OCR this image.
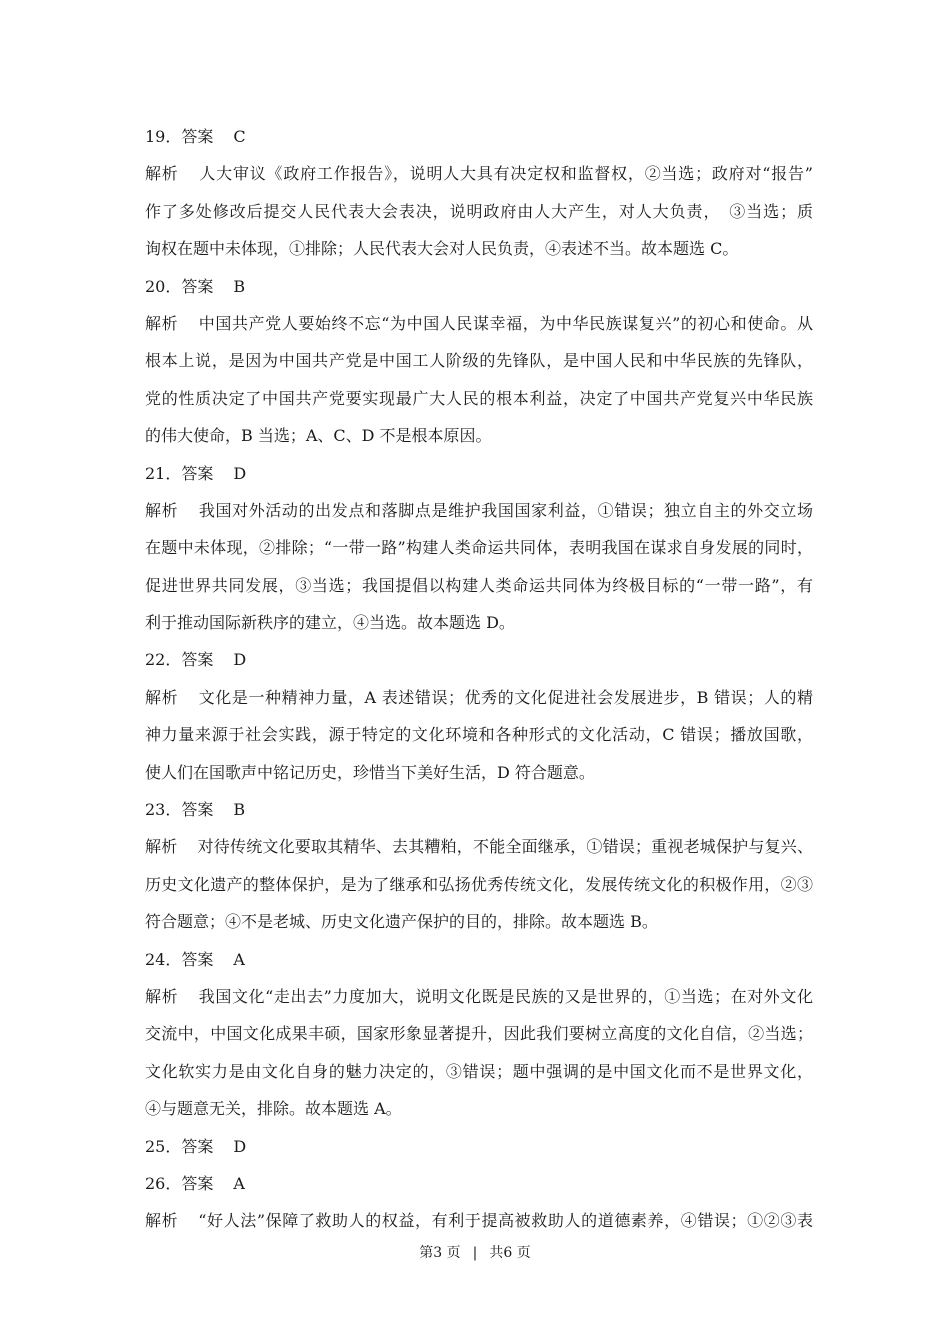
19．答案 C
解析 人大审议《政府工作报告》，说明人大具有决定权和监督权，②当选；政府对“报告”
作了多处修改后提交人民代表大会表决，说明政府由人大产生，对人大负责，　③当选；质
询权在题中未体现，①排除；人民代表大会对人民负责，④表述不当。故本题选 C。
20．答案 B
解析 中国共产党人要始终不忘“为中国人民谋幸福，为中华民族谋复兴”的初心和使命。从
根本上说，是因为中国共产党是中国工人阶级的先锋队，是中国人民和中华民族的先锋队，
党的性质决定了中国共产党要实现最广大人民的根本利益，决定了中国共产党复兴中华民族
的伟大使命，B 当选；A、C、D 不是根本原因。
21．答案 D
解析 我国对外活动的出发点和落脚点是维护我国国家利益，①错误；独立自主的外交立场
在题中未体现，②排除；“一带一路”构建人类命运共同体，表明我国在谋求自身发展的同时，
促进世界共同发展，③当选；我国提倡以构建人类命运共同体为终极目标的“一带一路”，有
利于推动国际新秩序的建立，④当选。故本题选 D。
22．答案 D
解析 文化是一种精神力量，A 表述错误；优秀的文化促进社会发展进步，B 错误；人的精
神力量来源于社会实践，源于特定的文化环境和各种形式的文化活动，C 错误；播放国歌，
使人们在国歌声中铭记历史，珍惜当下美好生活，D 符合题意。
23．答案 B
解析 对待传统文化要取其精华、去其糟粕，不能全面继承，①错误；重视老城保护与复兴、
历史文化遗产的整体保护，是为了继承和弘扬优秀传统文化，发展传统文化的积极作用，②③
符合题意；④不是老城、历史文化遗产保护的目的，排除。故本题选 B。
24．答案 A
解析 我国文化“走出去”力度加大，说明文化既是民族的又是世界的，①当选；在对外文化
交流中，中国文化成果丰硕，国家形象显著提升，因此我们要树立高度的文化自信，②当选；
文化软实力是由文化自身的魅力决定的，③错误；题中强调的是中国文化而不是世界文化，
④与题意无关，排除。故本题选 A。
25．答案 D
26．答案 A
解析 “好人法”保障了救助人的权益，有利于提高被救助人的道德素养，④错误；①②③表
第3 页 | 共6 页
